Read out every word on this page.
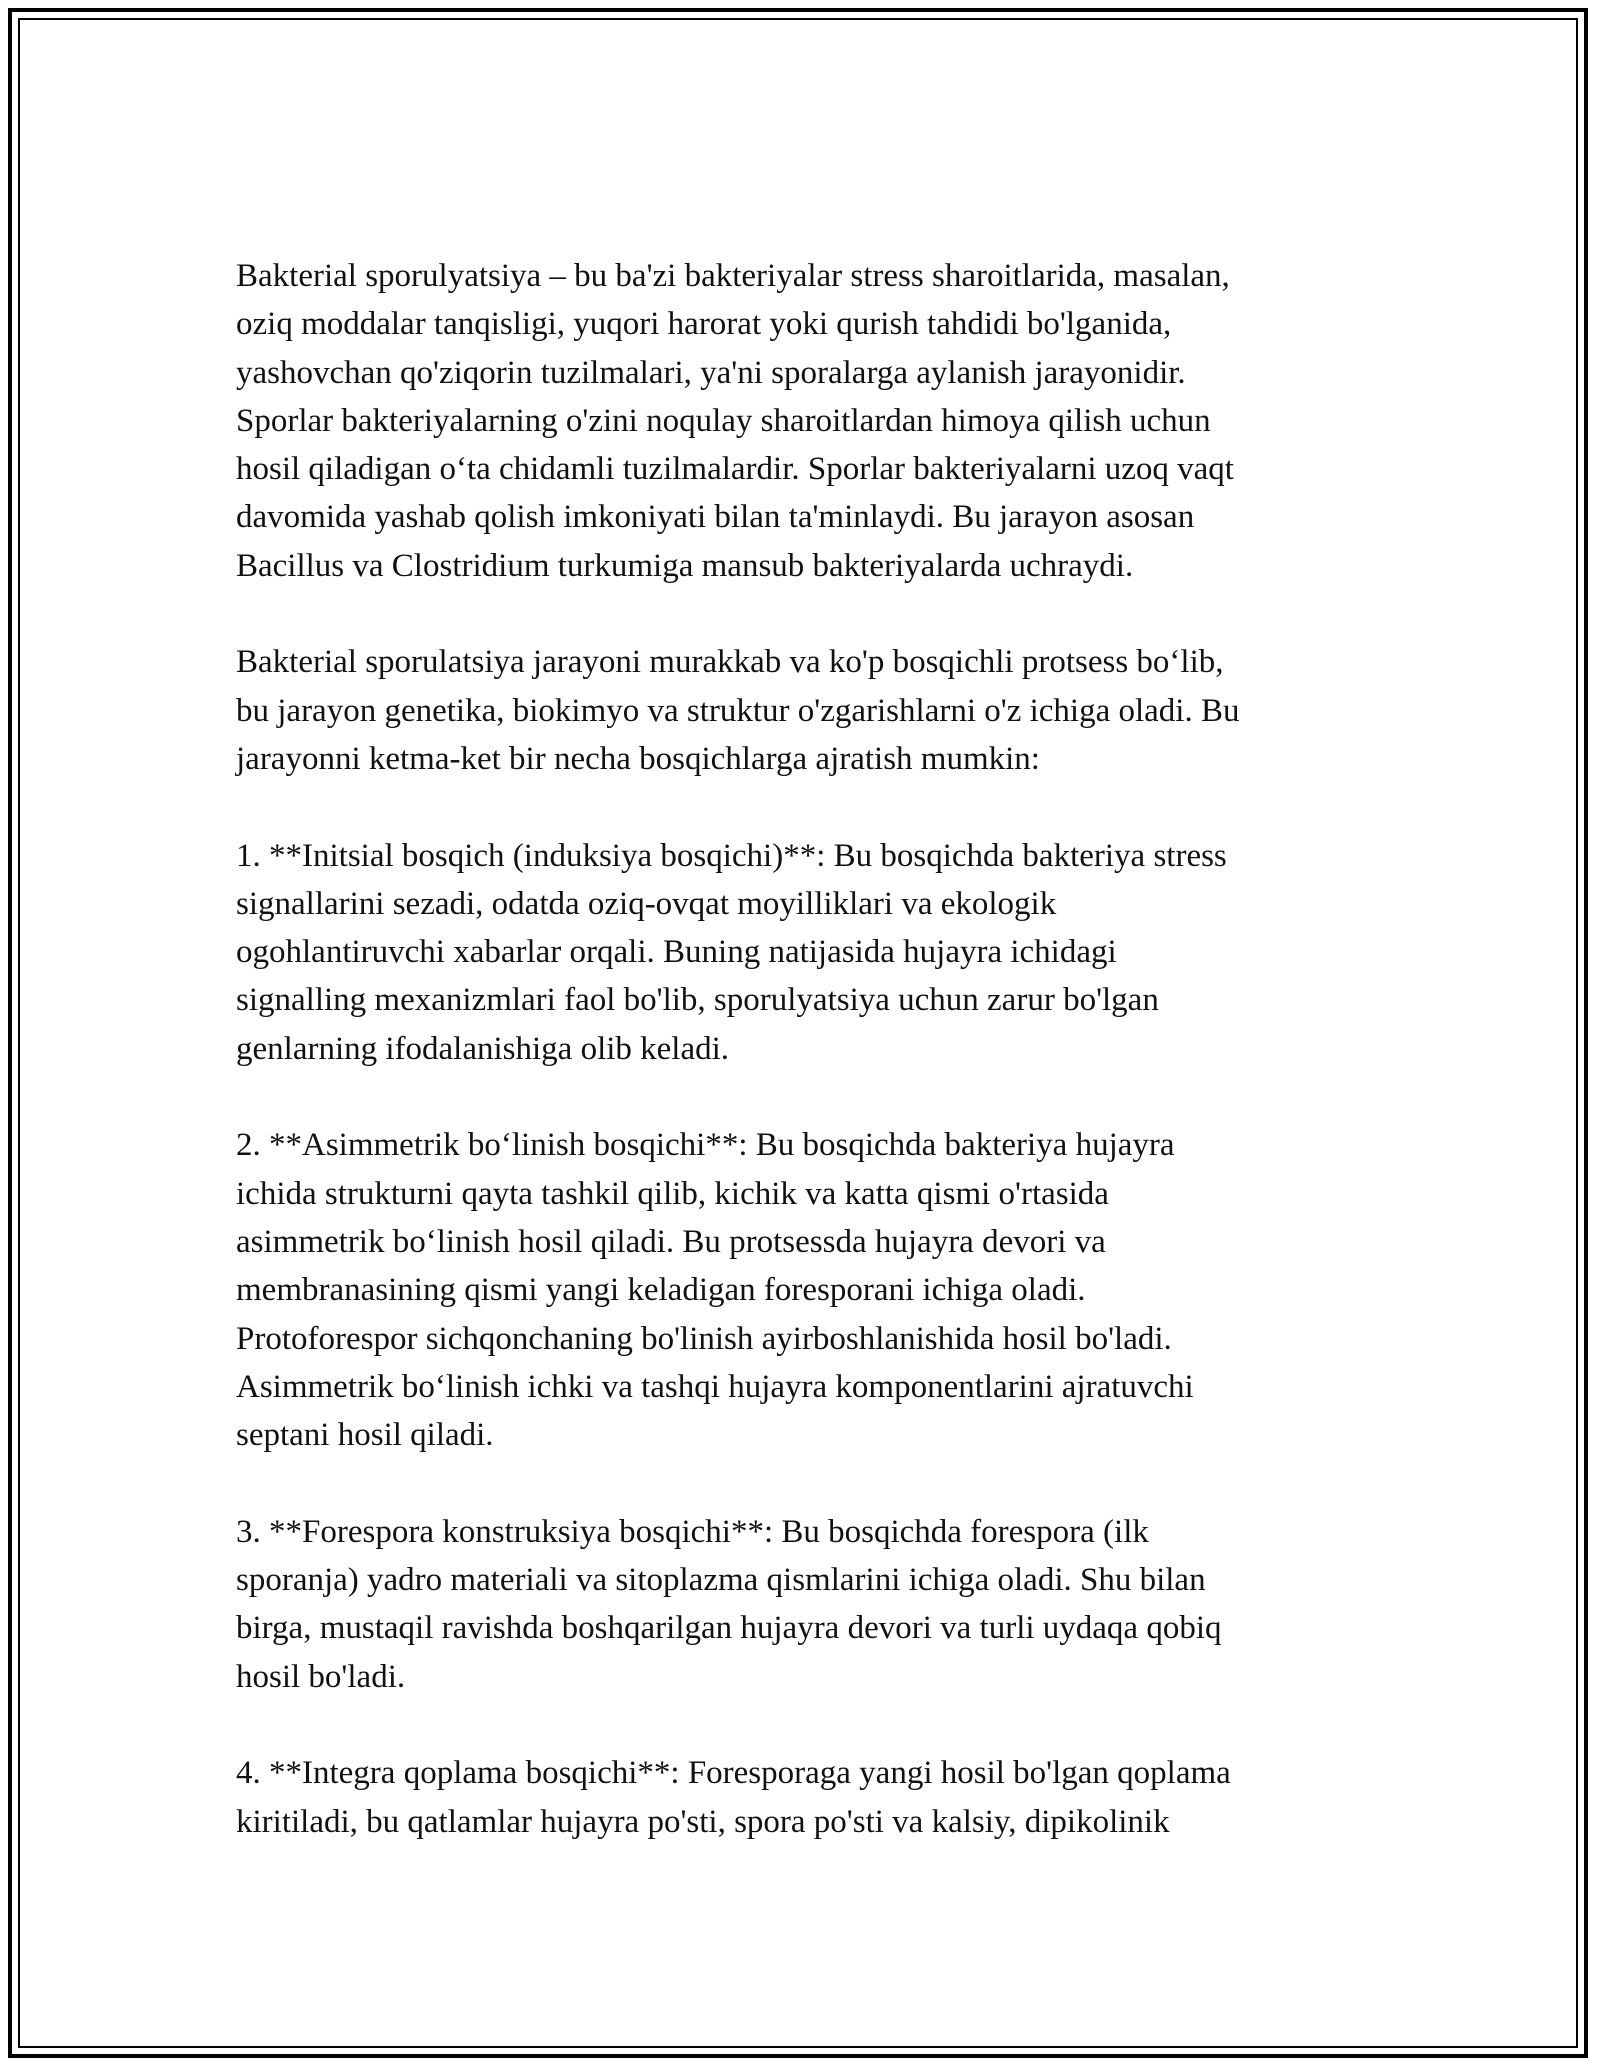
Bakterial sporulyatsiya – bu ba'zi bakteriyalar stress sharoitlarida, masalan,
oziq moddalar tanqisligi, yuqori harorat yoki qurish tahdidi bo'lganida,
yashovchan qo'ziqorin tuzilmalari, ya'ni sporalarga aylanish jarayonidir.
Sporlar bakteriyalarning o'zini noqulay sharoitlardan himoya qilish uchun
hosil qiladigan o‘ta chidamli tuzilmalardir. Sporlar bakteriyalarni uzoq vaqt
davomida yashab qolish imkoniyati bilan ta'minlaydi. Bu jarayon asosan
Bacillus va Clostridium turkumiga mansub bakteriyalarda uchraydi.

Bakterial sporulatsiya jarayoni murakkab va ko'p bosqichli protsess bo‘lib,
bu jarayon genetika, biokimyo va struktur o'zgarishlarni o'z ichiga oladi. Bu
jarayonni ketma-ket bir necha bosqichlarga ajratish mumkin:

1. **Initsial bosqich (induksiya bosqichi)**: Bu bosqichda bakteriya stress
signallarini sezadi, odatda oziq-ovqat moyilliklari va ekologik
ogohlantiruvchi xabarlar orqali. Buning natijasida hujayra ichidagi
signalling mexanizmlari faol bo'lib, sporulyatsiya uchun zarur bo'lgan
genlarning ifodalanishiga olib keladi.

2. **Asimmetrik bo‘linish bosqichi**: Bu bosqichda bakteriya hujayra
ichida strukturni qayta tashkil qilib, kichik va katta qismi o'rtasida
asimmetrik bo‘linish hosil qiladi. Bu protsessda hujayra devori va
membranasining qismi yangi keladigan foresporani ichiga oladi.
Protoforespor sichqonchaning bo'linish ayirboshlanishida hosil bo'ladi.
Asimmetrik bo‘linish ichki va tashqi hujayra komponentlarini ajratuvchi
septani hosil qiladi.

3. **Forespora konstruksiya bosqichi**: Bu bosqichda forespora (ilk
sporanja) yadro materiali va sitoplazma qismlarini ichiga oladi. Shu bilan
birga, mustaqil ravishda boshqarilgan hujayra devori va turli uydaqa qobiq
hosil bo'ladi.

4. **Integra qoplama bosqichi**: Foresporaga yangi hosil bo'lgan qoplama
kiritiladi, bu qatlamlar hujayra po'sti, spora po'sti va kalsiy, dipikolinik
